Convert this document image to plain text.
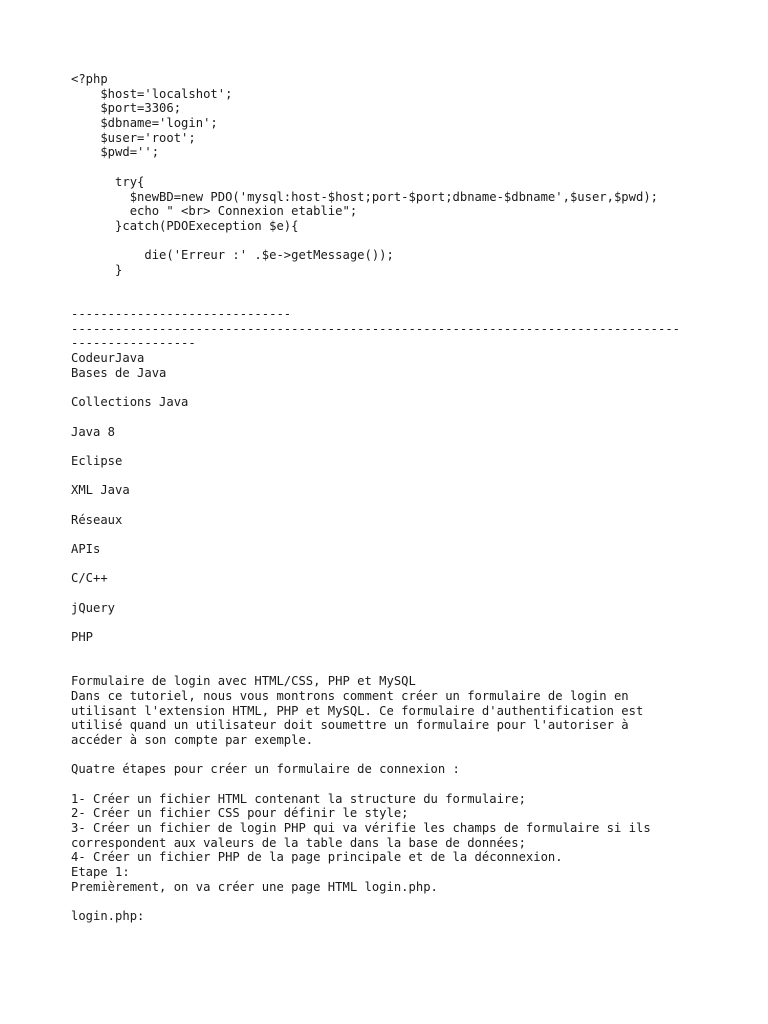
<?php
$host='localshot';
$port=3306;
$dbname='login';
$user='root';
$pwd='';
try{
$newBD=new PDO('mysql:host-$host;port-$port;dbname-$dbname',$user,$pwd);
echo " <br> Connexion etablie";
}catch(PDOExeception $e){
die('Erreur :' .$e->getMessage());
}
------------------------------
-----------------------------------------------------------------------------------
-----------------
CodeurJava
Bases de Java
Collections Java
Java 8
Eclipse
XML Java
Réseaux
APIs
C/C++
jQuery
PHP
Formulaire de login avec HTML/CSS, PHP et MySQL
Dans ce tutoriel, nous vous montrons comment créer un formulaire de login en
utilisant l'extension HTML, PHP et MySQL. Ce formulaire d'authentification est
utilisé quand un utilisateur doit soumettre un formulaire pour l'autoriser à
accéder à son compte par exemple.
Quatre étapes pour créer un formulaire de connexion :
1- Créer un fichier HTML contenant la structure du formulaire;
2- Créer un fichier CSS pour définir le style;
3- Créer un fichier de login PHP qui va vérifie les champs de formulaire si ils
correspondent aux valeurs de la table dans la base de données;
4- Créer un fichier PHP de la page principale et de la déconnexion.
Etape 1:
Premièrement, on va créer une page HTML login.php.
login.php:
